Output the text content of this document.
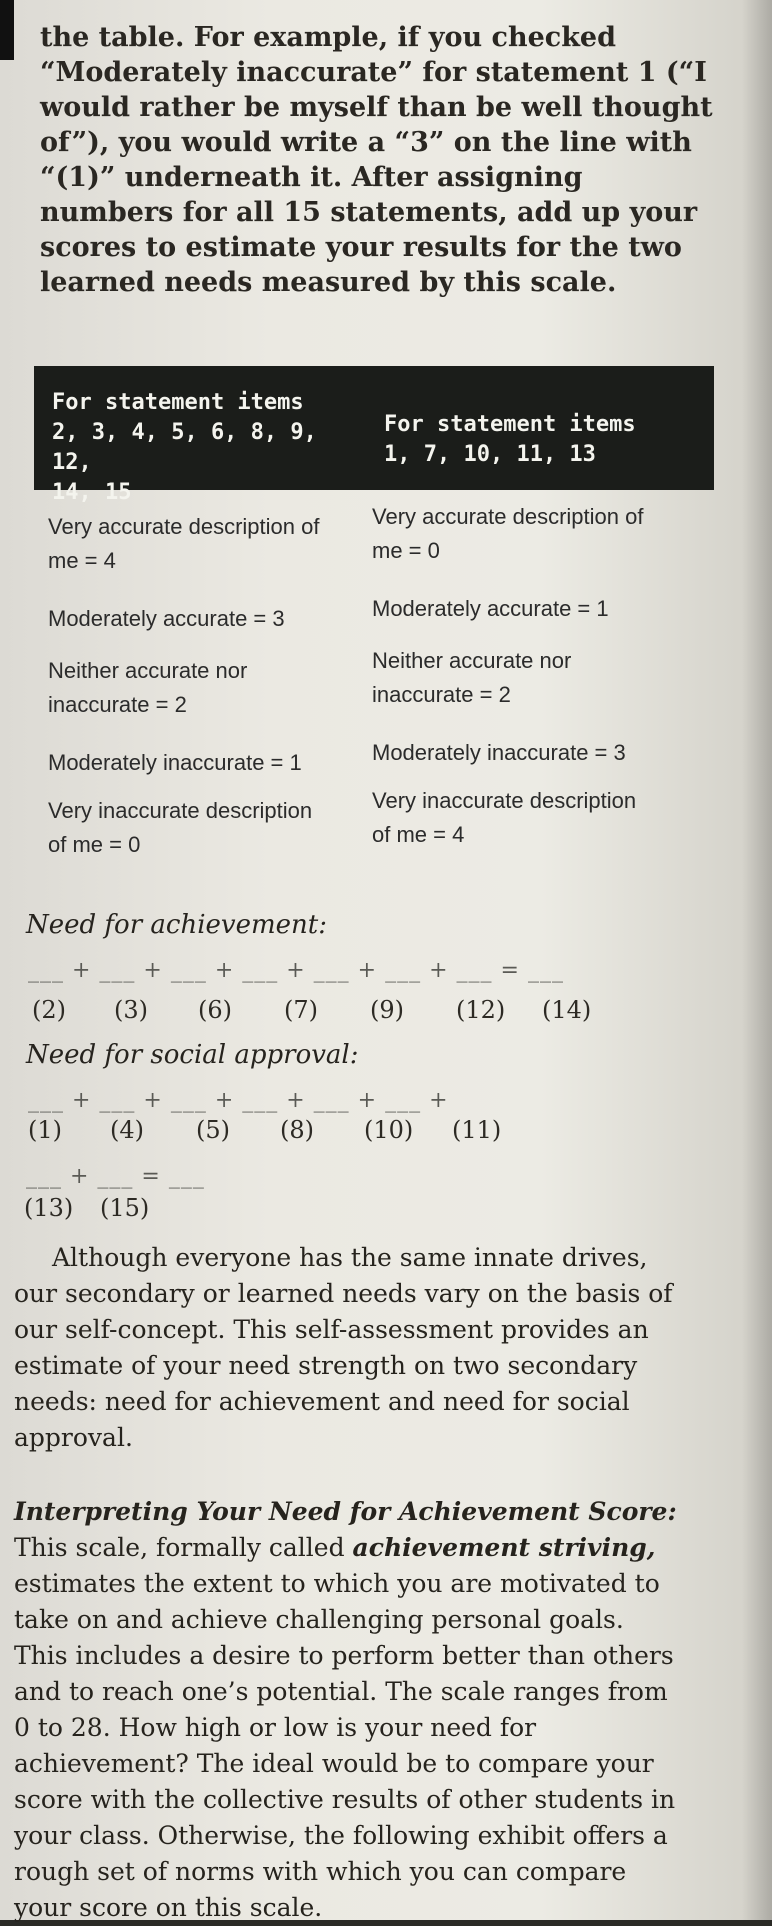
the table. For example, if you checked “Moderately inaccurate” for statement 1 (“I would rather be myself than be well thought of”), you would write a “3” on the line with “(1)” underneath it. After assigning numbers for all 15 statements, add up your scores to estimate your results for the two learned needs measured by this scale.
For statement items
2, 3, 4, 5, 6, 8, 9, 12,
14, 15
For statement items
1, 7, 10, 11, 13
Very accurate description of
me = 4
Moderately accurate = 3
Neither accurate nor
inaccurate = 2
Moderately inaccurate = 1
Very inaccurate description
of me = 0
Very accurate description of
me = 0
Moderately accurate = 1
Neither accurate nor
inaccurate = 2
Moderately inaccurate = 3
Very inaccurate description
of me = 4
Need for achievement:
___ + ___ + ___ + ___ + ___ + ___ + ___ = ___
(2) (3) (6) (7) (9) (12) (14)
Need for social approval:
___ + ___ + ___ + ___ + ___ + ___ +
(1) (4) (5) (8) (10) (11)
___ + ___ = ___
(13) (15)
Although everyone has the same innate drives, our secondary or learned needs vary on the basis of our self-concept. This self-assessment provides an estimate of your need strength on two secondary needs: need for achievement and need for social approval.
Interpreting Your Need for Achievement Score: This scale, formally called achievement striving, estimates the extent to which you are motivated to take on and achieve challenging personal goals. This includes a desire to perform better than others and to reach one’s potential. The scale ranges from 0 to 28. How high or low is your need for achievement? The ideal would be to compare your score with the collective results of other students in your class. Otherwise, the following exhibit offers a rough set of norms with which you can compare your score on this scale.
